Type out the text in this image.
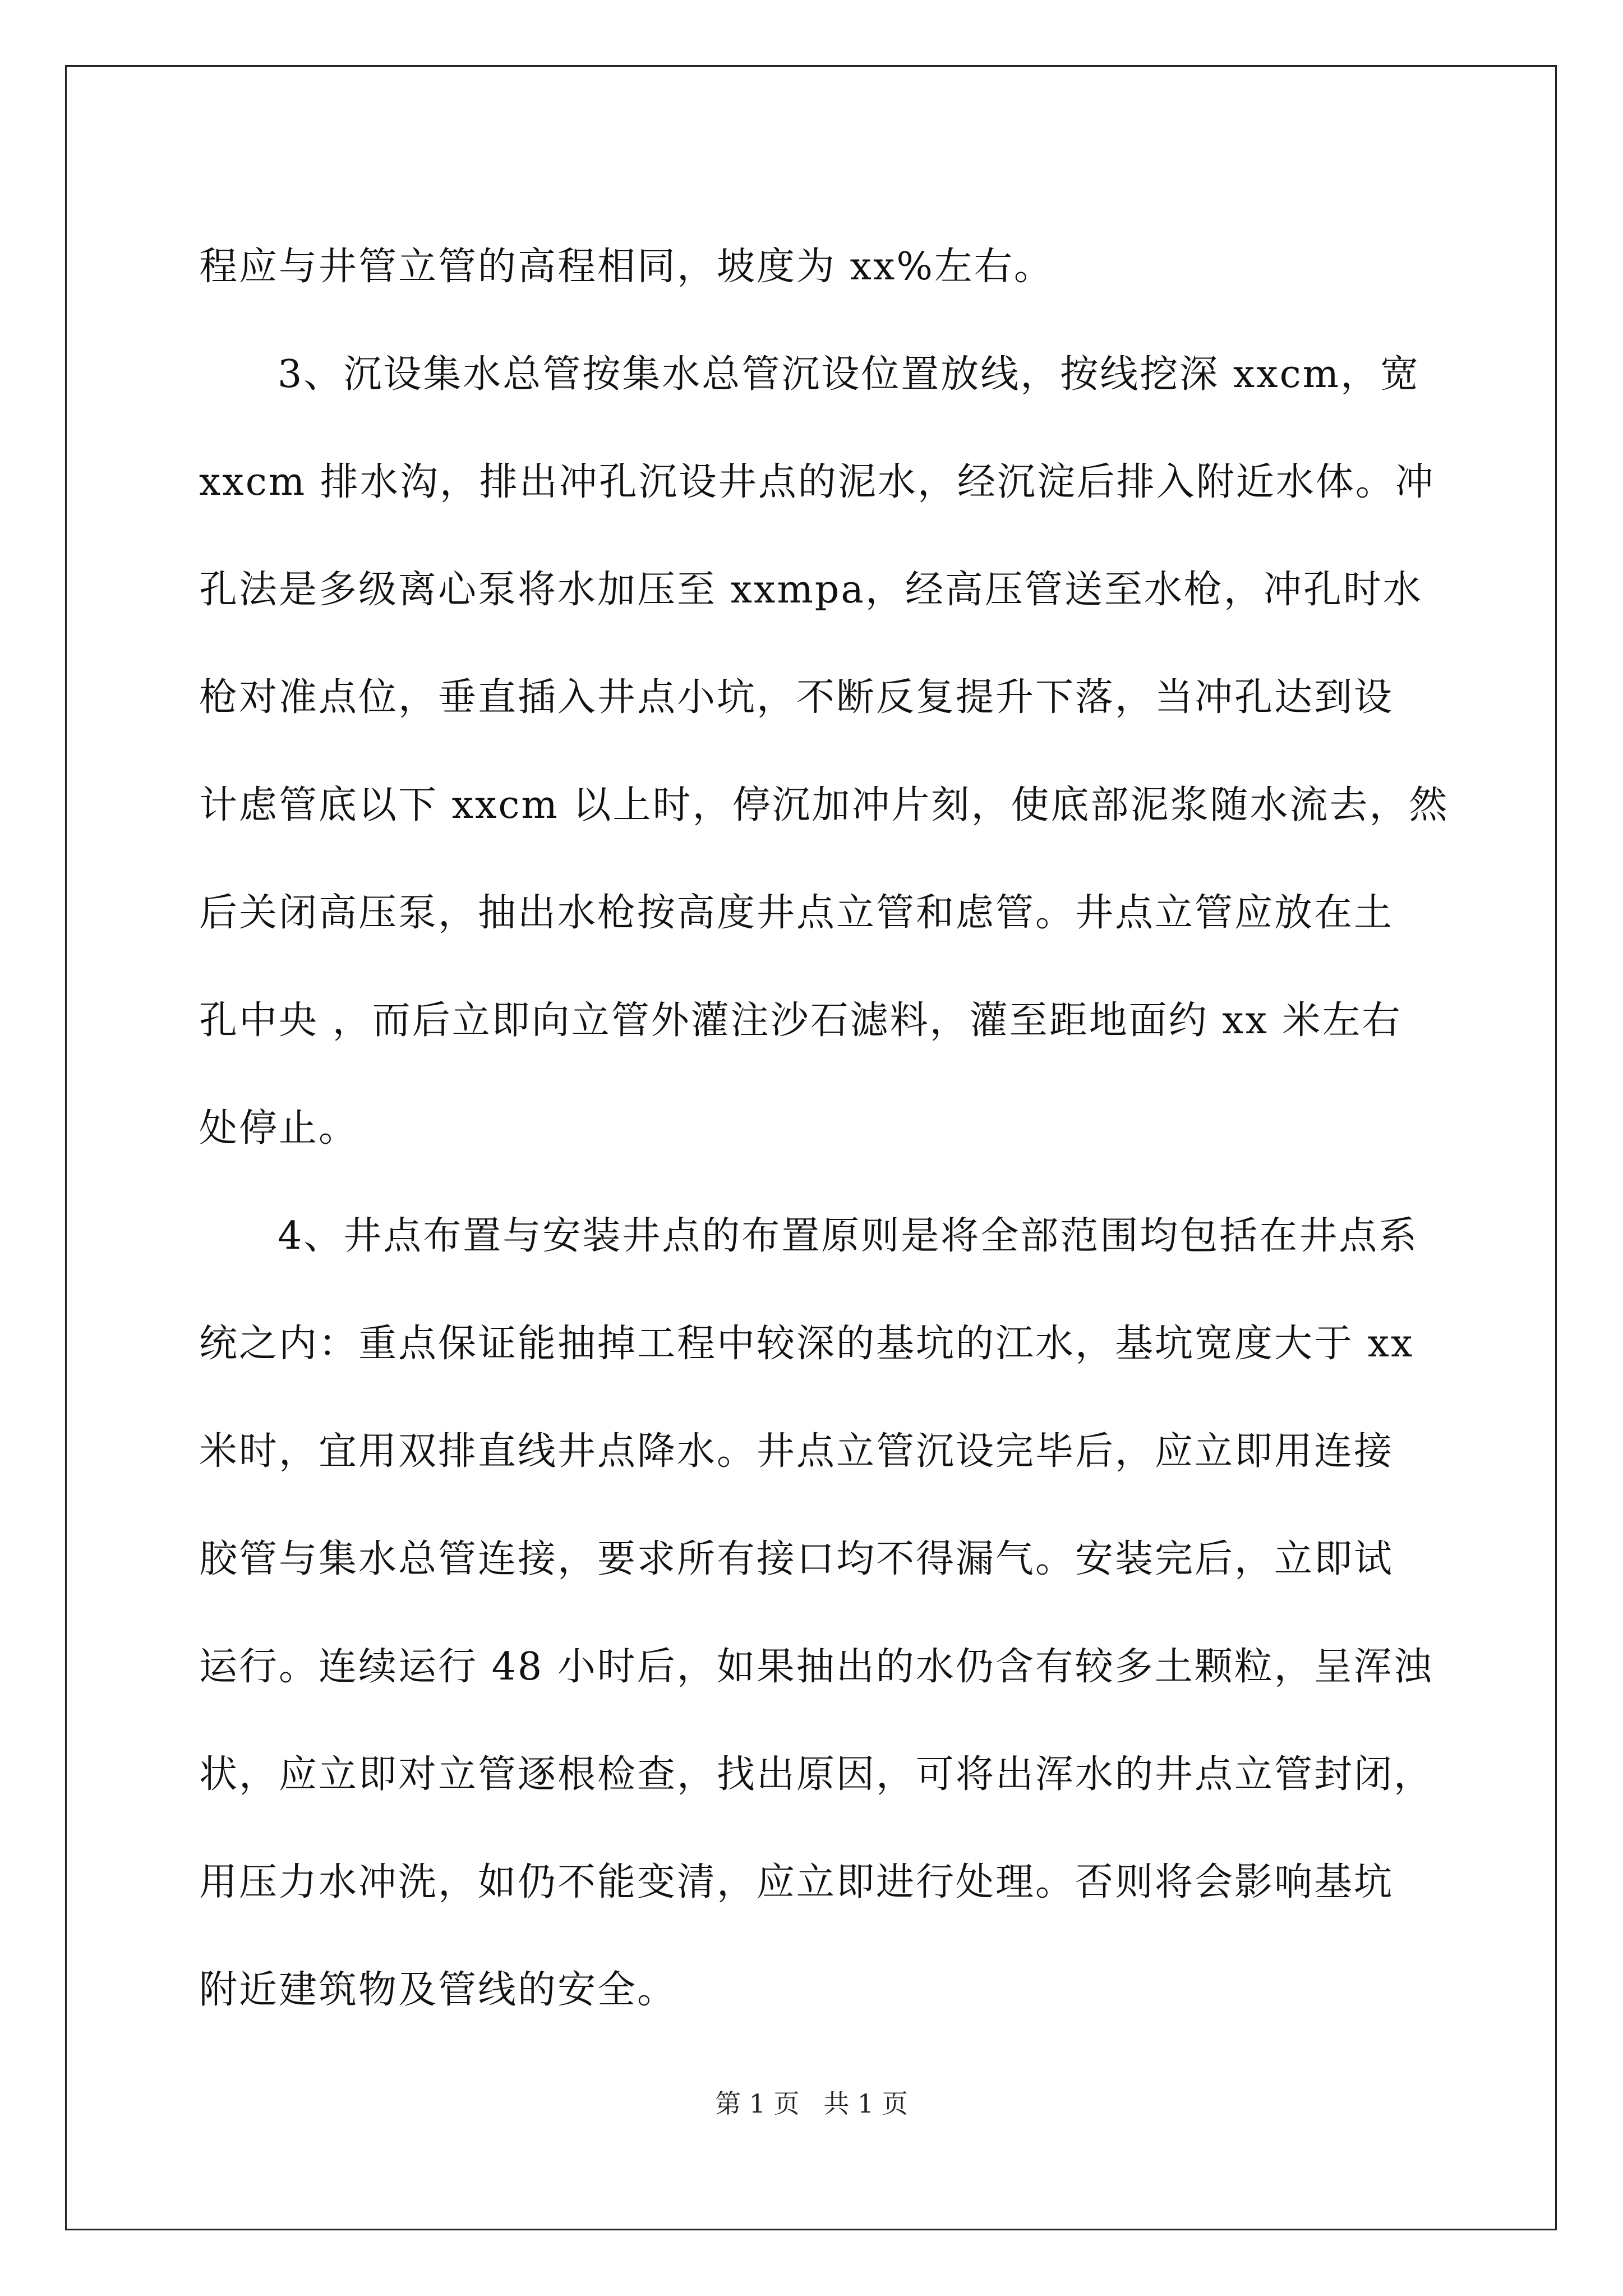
程应与井管立管的高程相同，坡度为 xx%左右。
3、沉设集水总管按集水总管沉设位置放线，按线挖深 xxcm，宽
xxcm 排水沟，排出冲孔沉设井点的泥水，经沉淀后排入附近水体。冲
孔法是多级离心泵将水加压至 xxmpa，经高压管送至水枪，冲孔时水
枪对准点位，垂直插入井点小坑，不断反复提升下落，当冲孔达到设
计虑管底以下 xxcm 以上时，停沉加冲片刻，使底部泥浆随水流去，然
后关闭高压泵，抽出水枪按高度井点立管和虑管。井点立管应放在土
孔中央 ，而后立即向立管外灌注沙石滤料，灌至距地面约 xx 米左右
处停止。
4、井点布置与安装井点的布置原则是将全部范围均包括在井点系
统之内：重点保证能抽掉工程中较深的基坑的江水，基坑宽度大于 xx
米时，宜用双排直线井点降水。井点立管沉设完毕后，应立即用连接
胶管与集水总管连接，要求所有接口均不得漏气。安装完后，立即试
运行。连续运行 48 小时后，如果抽出的水仍含有较多土颗粒，呈浑浊
状，应立即对立管逐根检查，找出原因，可将出浑水的井点立管封闭，
用压力水冲洗，如仍不能变清，应立即进行处理。否则将会影响基坑
附近建筑物及管线的安全。
第 1 页 共 1 页
